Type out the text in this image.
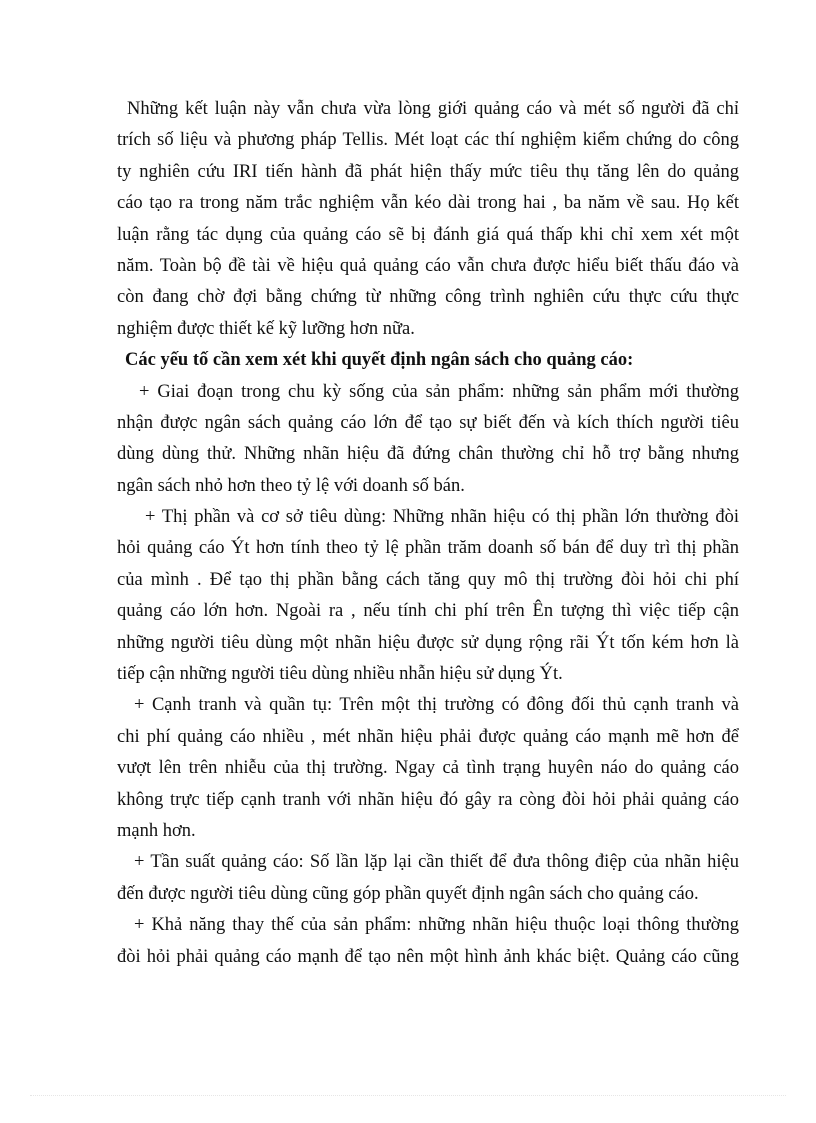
Những kết luận này vẫn chưa vừa lòng giới quảng cáo và mét số người đã chỉ
trích số liệu và phương pháp Tellis. Mét loạt các thí nghiệm kiểm chứng do công
ty nghiên cứu IRI tiến hành đã phát hiện thấy mức tiêu thụ tăng lên do quảng
cáo tạo ra trong năm trắc nghiệm vẫn kéo dài trong hai , ba năm về sau. Họ kết
luận rằng tác dụng của quảng cáo sẽ bị đánh giá quá thấp khi chỉ xem xét một
năm. Toàn bộ đề tài về hiệu quả quảng cáo vẫn chưa được hiểu biết thấu đáo và
còn đang chờ đợi bằng chứng từ những công trình nghiên cứu thực cứu thực
nghiệm được thiết kế kỹ lưỡng hơn nữa.
Các yếu tố cần xem xét khi quyết định ngân sách cho quảng cáo:
+ Giai đoạn trong chu kỳ sống của sản phẩm: những sản phẩm mới thường
nhận được ngân sách quảng cáo lớn để tạo sự biết đến và kích thích người tiêu
dùng dùng thử. Những nhãn hiệu đã đứng chân thường chỉ hỗ trợ bằng nhưng
ngân sách nhỏ hơn theo tỷ lệ với doanh số bán.
+ Thị phần và cơ sở tiêu dùng: Những nhãn hiệu có thị phần lớn thường đòi
hỏi quảng cáo Ýt hơn tính theo tỷ lệ phần trăm doanh số bán để duy trì thị phần
của mình . Để tạo thị phần bằng cách tăng quy mô thị trường đòi hỏi chi phí
quảng cáo lớn hơn. Ngoài ra , nếu tính chi phí trên Ên tượng thì việc tiếp cận
những người tiêu dùng một nhãn hiệu được sử dụng rộng rãi Ýt tốn kém hơn là
tiếp cận những người tiêu dùng nhiều nhẫn hiệu sử dụng Ýt.
+ Cạnh tranh và quần tụ: Trên một thị trường có đông đối thủ cạnh tranh và
chi phí quảng cáo nhiều , mét nhãn hiệu phải được quảng cáo mạnh mẽ hơn để
vượt lên trên nhiễu của thị trường. Ngay cả tình trạng huyên náo do quảng cáo
không trực tiếp cạnh tranh với nhãn hiệu đó gây ra còng đòi hỏi phải quảng cáo
mạnh hơn.
+ Tần suất quảng cáo: Số lần lặp lại cần thiết để đưa thông điệp của nhãn hiệu
đến được người tiêu dùng cũng góp phần quyết định ngân sách cho quảng cáo.
+ Khả năng thay thế của sản phẩm: những nhãn hiệu thuộc loại thông thường
đòi hỏi phải quảng cáo mạnh để tạo nên một hình ảnh khác biệt. Quảng cáo cũng
